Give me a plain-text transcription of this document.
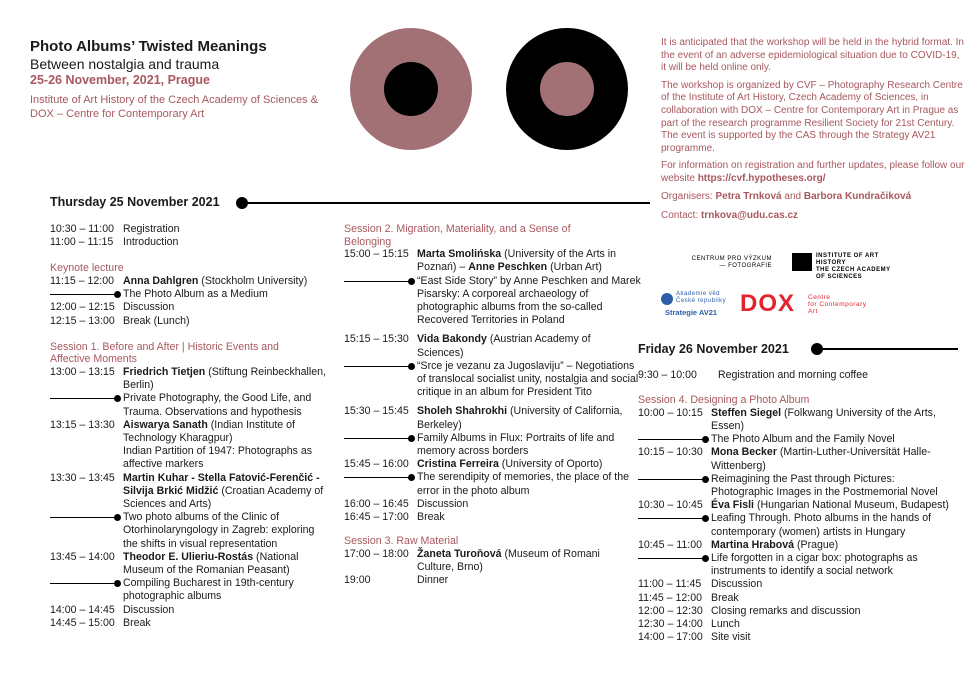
Photo Albums’ Twisted Meanings
Between nostalgia and trauma
25-26 November, 2021, Prague
Institute of Art History of the Czech Academy of Sciences & DOX – Centre for Contemporary Art
It is anticipated that the workshop will be held in the hybrid format. In the event of an adverse epidemiological situation due to COVID-19, it will be held online only.
The workshop is organized by CVF – Photography Research Centre of the Institute of Art History, Czech Academy of Sciences, in collaboration with DOX – Centre for Contemporary Art in Prague as part of the research programme Resilient Society for 21st Century. The event is supported by the CAS through the Strategy AV21 programme.
For information on registration and further updates, please follow our website https://cvf.hypotheses.org/
Organisers: Petra Trnková and Barbora Kundračiková
Contact: trnkova@udu.cas.cz
CENTRUM PRO VÝZKUM
— FOTOGRAFIE
INSTITUTE OF ART HISTORY
THE CZECH ACADEMY
OF SCIENCES
Akademie věd
České republiky
Strategie AV21 DOX Centre
for Contemporary
Art
Thursday 25 November 2021
10:30 – 11:00 Registration
11:00 – 11:15 Introduction
Keynote lecture
11:15 – 12:00 Anna Dahlgren (Stockholm University)
The Photo Album as a Medium
12:00 – 12:15 Discussion
12:15 – 13:00 Break (Lunch)
Session 1. Before and After | Historic Events and Affective Moments
13:00 – 13:15 Friedrich Tietjen (Stiftung Reinbeckhallen, Berlin)
Private Photography, the Good Life, and Trauma. Observations and hypothesis
13:15 – 13:30 Aiswarya Sanath (Indian Institute of Technology Kharagpur)
Indian Partition of 1947: Photographs as affective markers
13:30 – 13:45 Martin Kuhar - Stella Fatović-Ferenčić - Silvija Brkić Midžić (Croatian Academy of Sciences and Arts)
Two photo albums of the Clinic of Otorhinolaryngology in Zagreb: exploring the shifts in visual representation
13:45 – 14:00 Theodor E. Ulieriu-Rostás (National Museum of the Romanian Peasant)
Compiling Bucharest in 19th-century photographic albums
14:00 – 14:45 Discussion
14:45 – 15:00 Break
Session 2. Migration, Materiality, and a Sense of Belonging
15:00 – 15:15 Marta Smolińska (University of the Arts in Poznań) – Anne Peschken (Urban Art)
“East Side Story” by Anne Peschken and Marek Pisarsky: A corporeal archaeology of photographic albums from the so-called Recovered Territories in Poland
15:15 – 15:30 Vida Bakondy (Austrian Academy of Sciences)
“Srce je vezanu za Jugoslaviju” – Negotiations of translocal socialist unity, nostalgia and social critique in an album for President Tito
15:30 – 15:45 Sholeh Shahrokhi (University of California, Berkeley)
Family Albums in Flux: Portraits of life and memory across borders
15:45 – 16:00 Cristina Ferreira (University of Oporto)
The serendipity of memories, the place of the error in the photo album
16:00 – 16:45 Discussion
16:45 – 17:00 Break
Session 3. Raw Material
17:00 – 18:00 Žaneta Turoňová (Museum of Romani Culture, Brno)
19:00	Dinner
Friday 26 November 2021
9:30 – 10:00	Registration and morning coffee
Session 4. Designing a Photo Album
10:00 – 10:15 Steffen Siegel (Folkwang University of the Arts, Essen)
The Photo Album and the Family Novel
10:15 – 10:30 Mona Becker (Martin-Luther-Universität Halle-Wittenberg)
Reimagining the Past through Pictures: Photographic Images in the Postmemorial Novel
10:30 – 10:45 Éva Fisli (Hungarian National Museum, Budapest)
Leafing Through. Photo albums in the hands of contemporary (women) artists in Hungary
10:45 – 11:00 Martina Hrabová (Prague)
Life forgotten in a cigar box: photographs as instruments to identify a social network
11:00 – 11:45 Discussion
11:45 – 12:00 Break
12:00 – 12:30 Closing remarks and discussion
12:30 – 14:00 Lunch
14:00 – 17:00 Site visit
